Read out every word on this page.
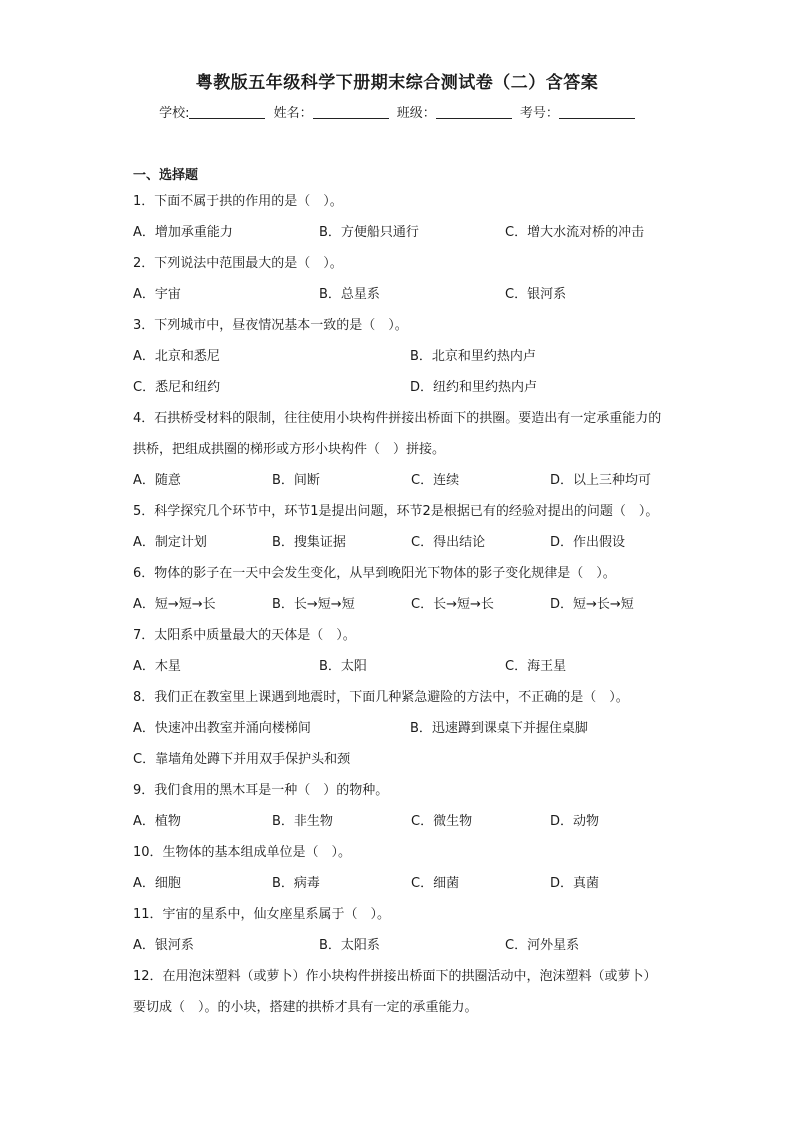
粤教版五年级科学下册期末综合测试卷（二）含答案
学校:	姓名：	班级：	考号：
一、选择题
1．下面不属于拱的作用的是（　）。
A．增加承重能力	B．方便船只通行	C．增大水流对桥的冲击
2．下列说法中范围最大的是（　）。
A．宇宙	B．总星系	C．银河系
3．下列城市中，昼夜情况基本一致的是（　）。
A．北京和悉尼	B．北京和里约热内卢
C．悉尼和纽约	D．纽约和里约热内卢
4．石拱桥受材料的限制，往往使用小块构件拼接出桥面下的拱圈。要造出有一定承重能力的拱桥，把组成拱圈的梯形或方形小块构件（　）拼接。
A．随意	B．间断	C．连续	D．以上三种均可
5．科学探究几个环节中，环节1是提出问题，环节2是根据已有的经验对提出的问题（　）。
A．制定计划	B．搜集证据	C．得出结论	D．作出假设
6．物体的影子在一天中会发生变化，从早到晚阳光下物体的影子变化规律是（　）。
A．短→短→长	B．长→短→短	C．长→短→长	D．短→长→短
7．太阳系中质量最大的天体是（　）。
A．木星	B．太阳	C．海王星
8．我们正在教室里上课遇到地震时，下面几种紧急避险的方法中，不正确的是（　）。
A．快速冲出教室并涌向楼梯间	B．迅速蹲到课桌下并握住桌脚
C．靠墙角处蹲下并用双手保护头和颈
9．我们食用的黑木耳是一种（　）的物种。
A．植物	B．非生物	C．微生物	D．动物
10．生物体的基本组成单位是（　）。
A．细胞	B．病毒	C．细菌	D．真菌
11．宇宙的星系中，仙女座星系属于（　）。
A．银河系	B．太阳系	C．河外星系
12．在用泡沫塑料（或萝卜）作小块构件拼接出桥面下的拱圈活动中，泡沫塑料（或萝卜）要切成（　）。的小块，搭建的拱桥才具有一定的承重能力。
